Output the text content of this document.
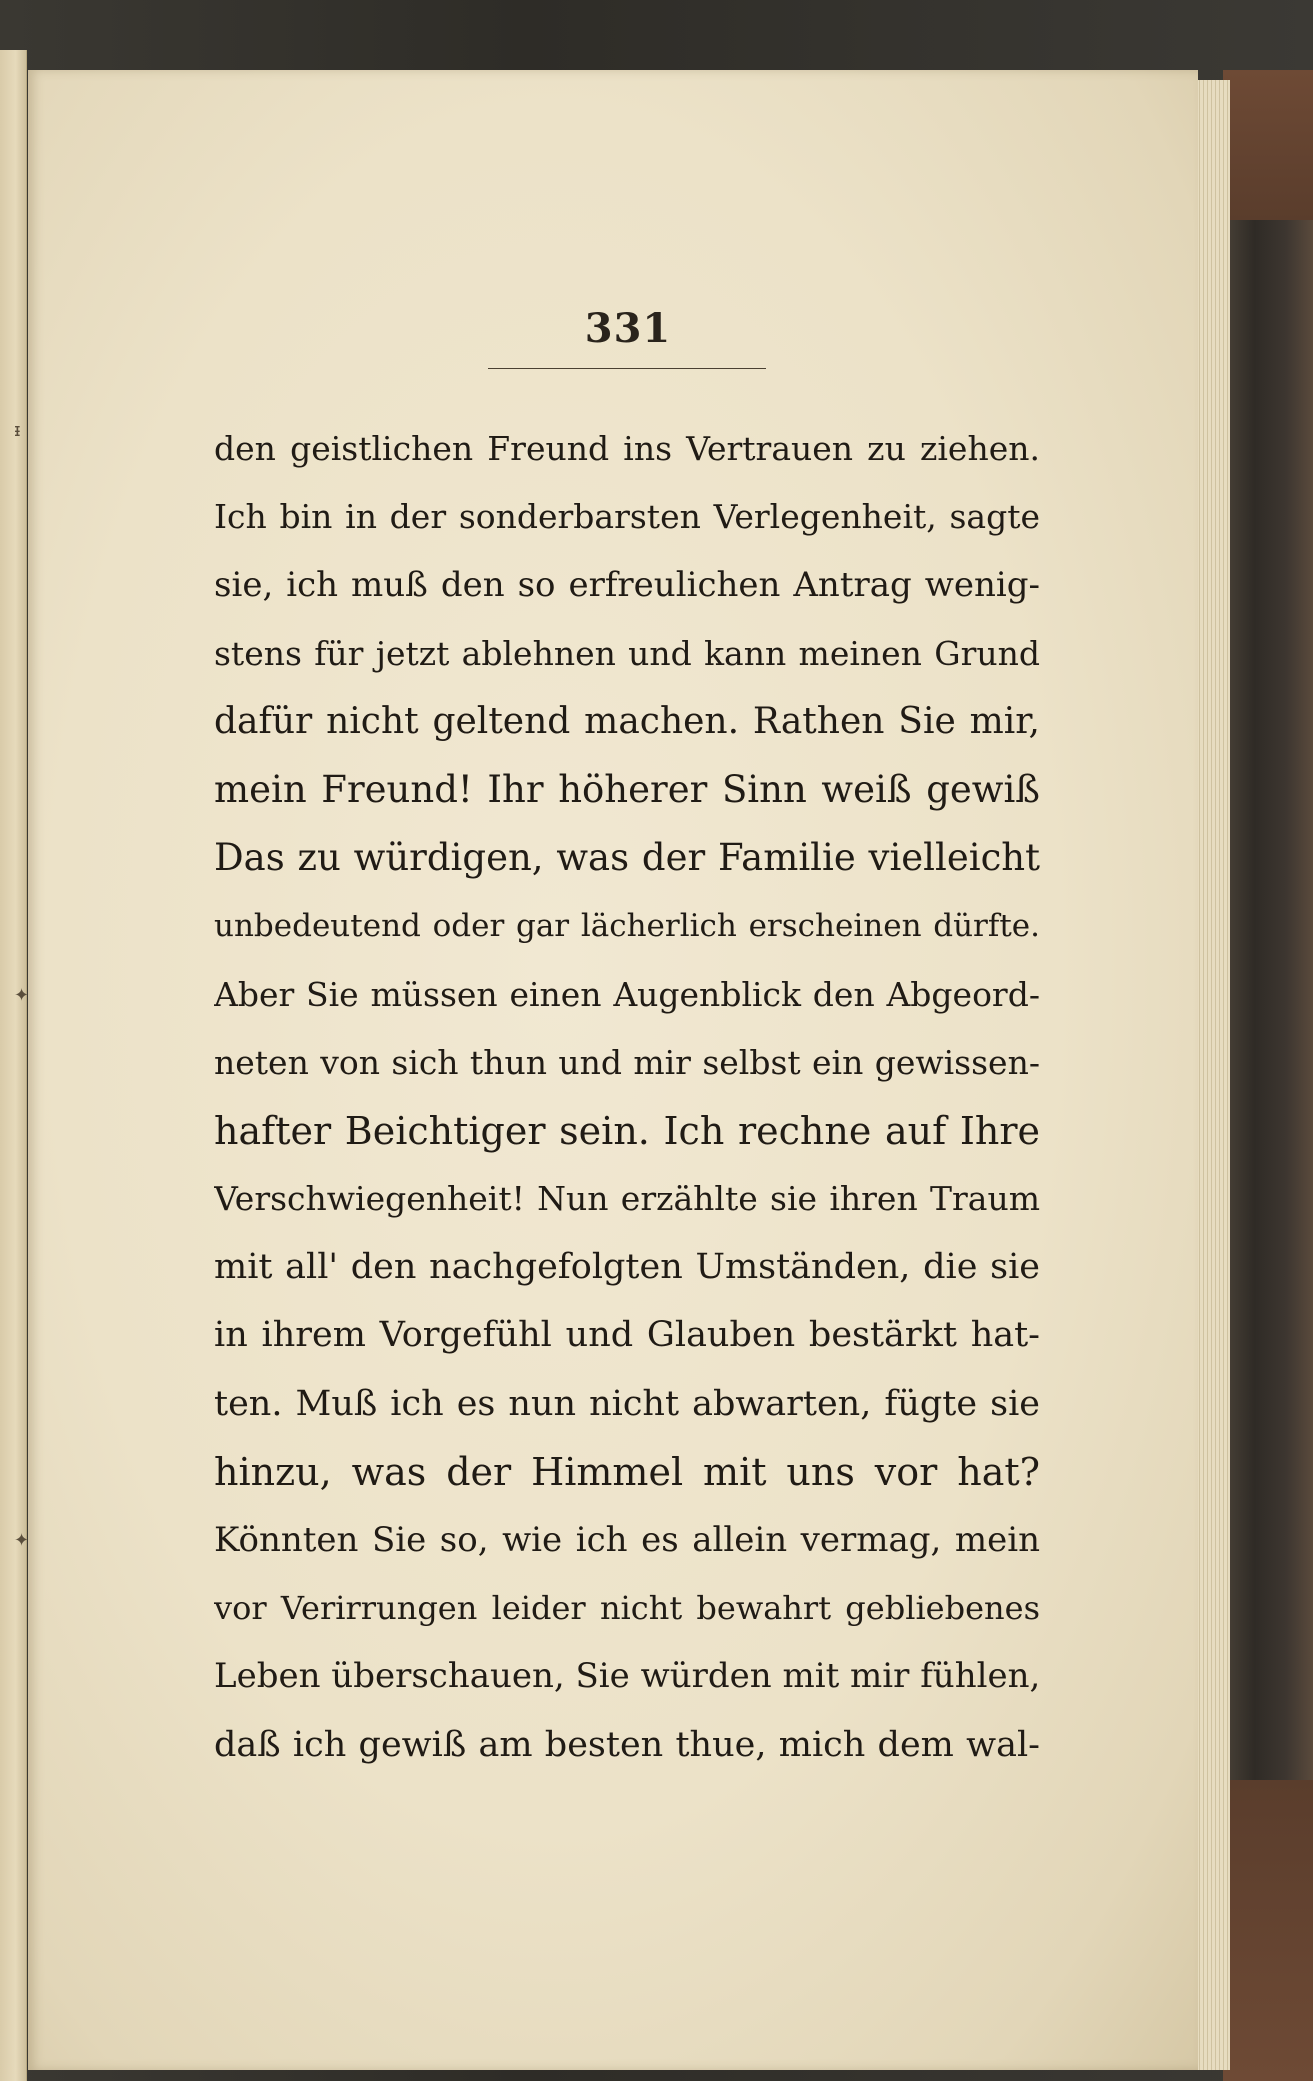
331
den geistlichen Freund ins Vertrauen zu ziehen.
Ich bin in der sonderbarsten Verlegenheit, sagte
sie, ich muß den so erfreulichen Antrag wenig-
stens für jetzt ablehnen und kann meinen Grund
dafür nicht geltend machen. Rathen Sie mir,
mein Freund! Ihr höherer Sinn weiß gewiß
Das zu würdigen, was der Familie vielleicht
unbedeutend oder gar lächerlich erscheinen dürfte.
Aber Sie müssen einen Augenblick den Abgeord-
neten von sich thun und mir selbst ein gewissen-
hafter Beichtiger sein. Ich rechne auf Ihre
Verschwiegenheit! Nun erzählte sie ihren Traum
mit all' den nachgefolgten Umständen, die sie
in ihrem Vorgefühl und Glauben bestärkt hat-
ten. Muß ich es nun nicht abwarten, fügte sie
hinzu, was der Himmel mit uns vor hat?
Könnten Sie so, wie ich es allein vermag, mein
vor Verirrungen leider nicht bewahrt gebliebenes
Leben überschauen, Sie würden mit mir fühlen,
daß ich gewiß am besten thue, mich dem wal-
ᵻ
✦
✦
